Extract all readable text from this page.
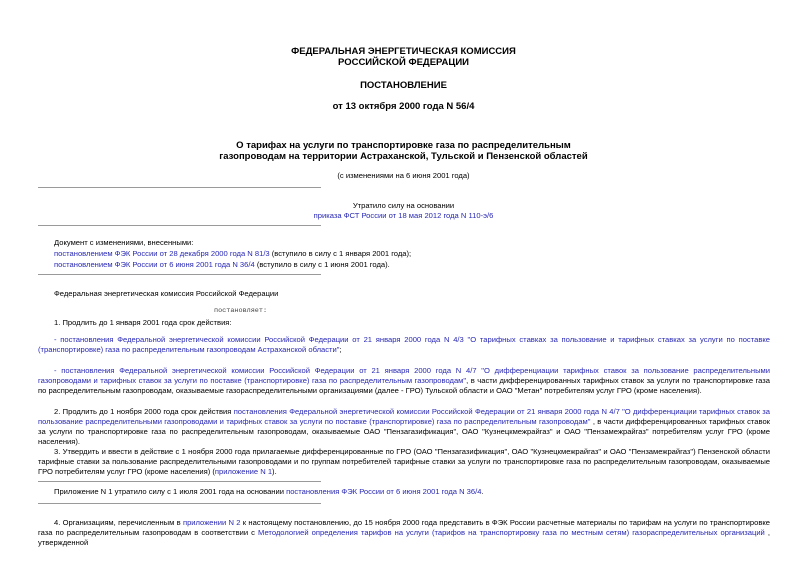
ФЕДЕРАЛЬНАЯ ЭНЕРГЕТИЧЕСКАЯ КОМИССИЯ
РОССИЙСКОЙ ФЕДЕРАЦИИ
ПОСТАНОВЛЕНИЕ
от 13 октября 2000 года N 56/4
О тарифах на услуги по транспортировке газа по распределительным
газопроводам на территории Астраханской, Тульской и Пензенской областей
(с изменениями на 6 июня 2001 года)
Утратило силу на основании
приказа ФСТ России от 18 мая 2012 года N 110-э/6
Документ с изменениями, внесенными:
постановлением ФЭК России от 28 декабря 2000 года N 81/3 (вступило в силу с 1 января 2001 года);
постановлением ФЭК России от 6 июня 2001 года N 36/4 (вступило в силу с 1 июня 2001 года).
Федеральная энергетическая комиссия Российской Федерации
постановляет:
1. Продлить до 1 января 2001 года срок действия:
- постановления Федеральной энергетической комиссии Российской Федерации от 21 января 2000 года N 4/3 "О тарифных ставках за пользование и тарифных ставках за услуги по поставке (транспортировке) газа по распределительным газопроводам Астраханской области";
- постановления Федеральной энергетической комиссии Российской Федерации от 21 января 2000 года N 4/7 "О дифференциации тарифных ставок за пользование распределительными газопроводами и тарифных ставок за услуги по поставке (транспортировке) газа по распределительным газопроводам", в части дифференцированных тарифных ставок за услуги по транспортировке газа по распределительным газопроводам, оказываемые газораспределительными организациями (далее - ГРО) Тульской области и ОАО "Метан" потребителям услуг ГРО (кроме населения).
2. Продлить до 1 ноября 2000 года срок действия постановления Федеральной энергетической комиссии Российской Федерации от 21 января 2000 года N 4/7 "О дифференциации тарифных ставок за пользование распределительными газопроводами и тарифных ставок за услуги по поставке (транспортировке) газа по распределительным газопроводам" , в части дифференцированных тарифных ставок за услуги по транспортировке газа по распределительным газопроводам, оказываемые ОАО "Пензагазификация", ОАО "Кузнецкмежрайгаз" и ОАО "Пензамежрайгаз" потребителям услуг ГРО (кроме населения).
3. Утвердить и ввести в действие с 1 ноября 2000 года прилагаемые дифференцированные по ГРО (ОАО "Пензагазификация", ОАО "Кузнецкмежрайгаз" и ОАО "Пензамежрайгаз") Пензенской области тарифные ставки за пользование распределительными газопроводами и по группам потребителей тарифные ставки за услуги по транспортировке газа по распределительным газопроводам, оказываемые ГРО потребителям услуг ГРО (кроме населения) (приложение N 1).
Приложение N 1 утратило силу с 1 июля 2001 года на основании постановления ФЭК России от 6 июня 2001 года N 36/4.
4. Организациям, перечисленным в приложении N 2 к настоящему постановлению, до 15 ноября 2000 года представить в ФЭК России расчетные материалы по тарифам на услуги по транспортировке газа по распределительным газопроводам в соответствии с Методологией определения тарифов на услуги (тарифов на транспортировку газа по местным сетям) газораспределительных организаций , утвержденной
